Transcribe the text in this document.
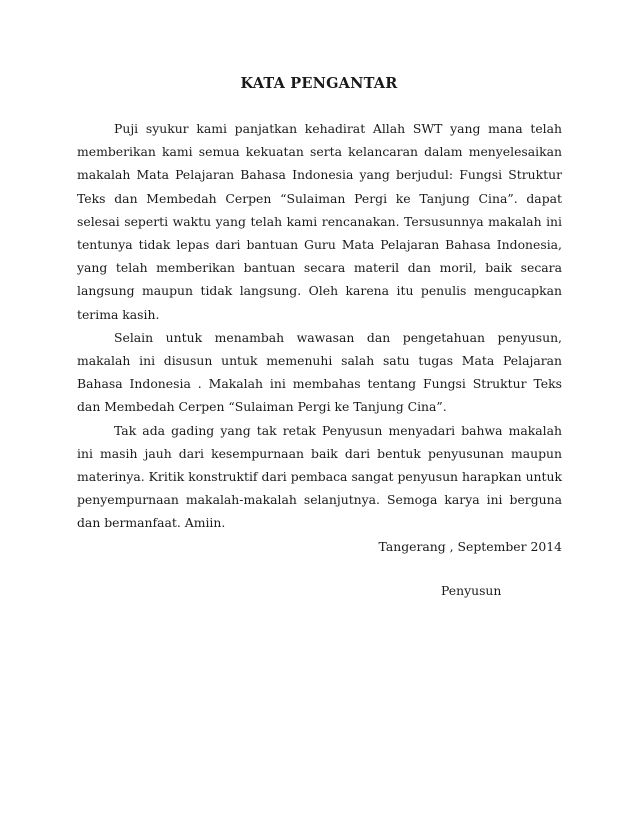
KATA PENGANTAR

Puji syukur kami panjatkan kehadirat Allah SWT yang mana telah memberikan kami semua kekuatan serta kelancaran dalam menyelesaikan makalah Mata Pelajaran Bahasa Indonesia yang berjudul: Fungsi Struktur Teks dan Membedah Cerpen “Sulaiman Pergi ke Tanjung Cina”. dapat selesai seperti waktu yang telah kami rencanakan. Tersusunnya makalah ini tentunya tidak lepas dari bantuan Guru Mata Pelajaran Bahasa Indonesia, yang telah memberikan bantuan secara materil dan moril, baik secara langsung maupun tidak langsung. Oleh karena itu penulis mengucapkan terima kasih.

Selain untuk menambah wawasan dan pengetahuan penyusun, makalah ini disusun untuk memenuhi salah satu tugas Mata Pelajaran Bahasa Indonesia . Makalah ini membahas tentang Fungsi Struktur Teks dan Membedah Cerpen “Sulaiman Pergi ke Tanjung Cina”.

Tak ada gading yang tak retak Penyusun menyadari bahwa makalah ini masih jauh dari kesempurnaan baik dari bentuk penyusunan maupun materinya. Kritik konstruktif dari pembaca sangat penyusun harapkan untuk penyempurnaan makalah-makalah selanjutnya. Semoga karya ini berguna dan bermanfaat. Amiin.

Tangerang , September 2014
Penyusun
